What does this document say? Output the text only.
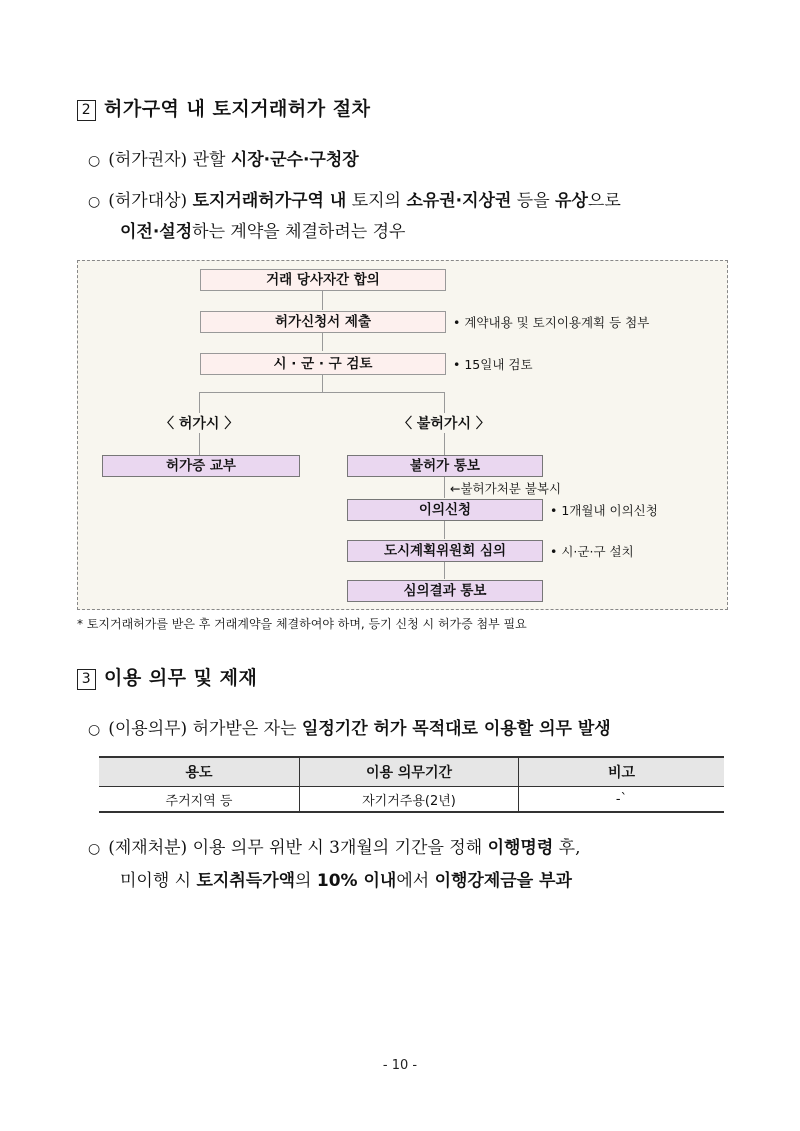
2 허가구역 내 토지거래허가 절차
○ (허가권자) 관할 시장·군수·구청장
○ (허가대상) 토지거래허가구역 내 토지의 소유권·지상권 등을 유상으로
이전·설정하는 계약을 체결하려는 경우
거래 당사자간 합의
허가신청서 제출	• 계약내용 및 토지이용계획 등 첨부
시 · 군 · 구 검토	• 15일내 검토
〈 허가시 〉	〈 불허가시 〉
허가증 교부	불허가 통보
←불허가처분 불복시
이의신청	• 1개월내 이의신청
도시계획위원회 심의	• 시·군·구 설치
심의결과 통보
* 토지거래허가를 받은 후 거래계약을 체결하여야 하며, 등기 신청 시 허가증 첨부 필요
3 이용 의무 및 제재
○ (이용의무) 허가받은 자는 일정기간 허가 목적대로 이용할 의무 발생
용도	이용 의무기간	비고
주거지역 등	자기거주용(2년)	-`
○ (제재처분) 이용 의무 위반 시 3개월의 기간을 정해 이행명령 후,
미이행 시 토지취득가액의 10% 이내에서 이행강제금을 부과
- 10 -
